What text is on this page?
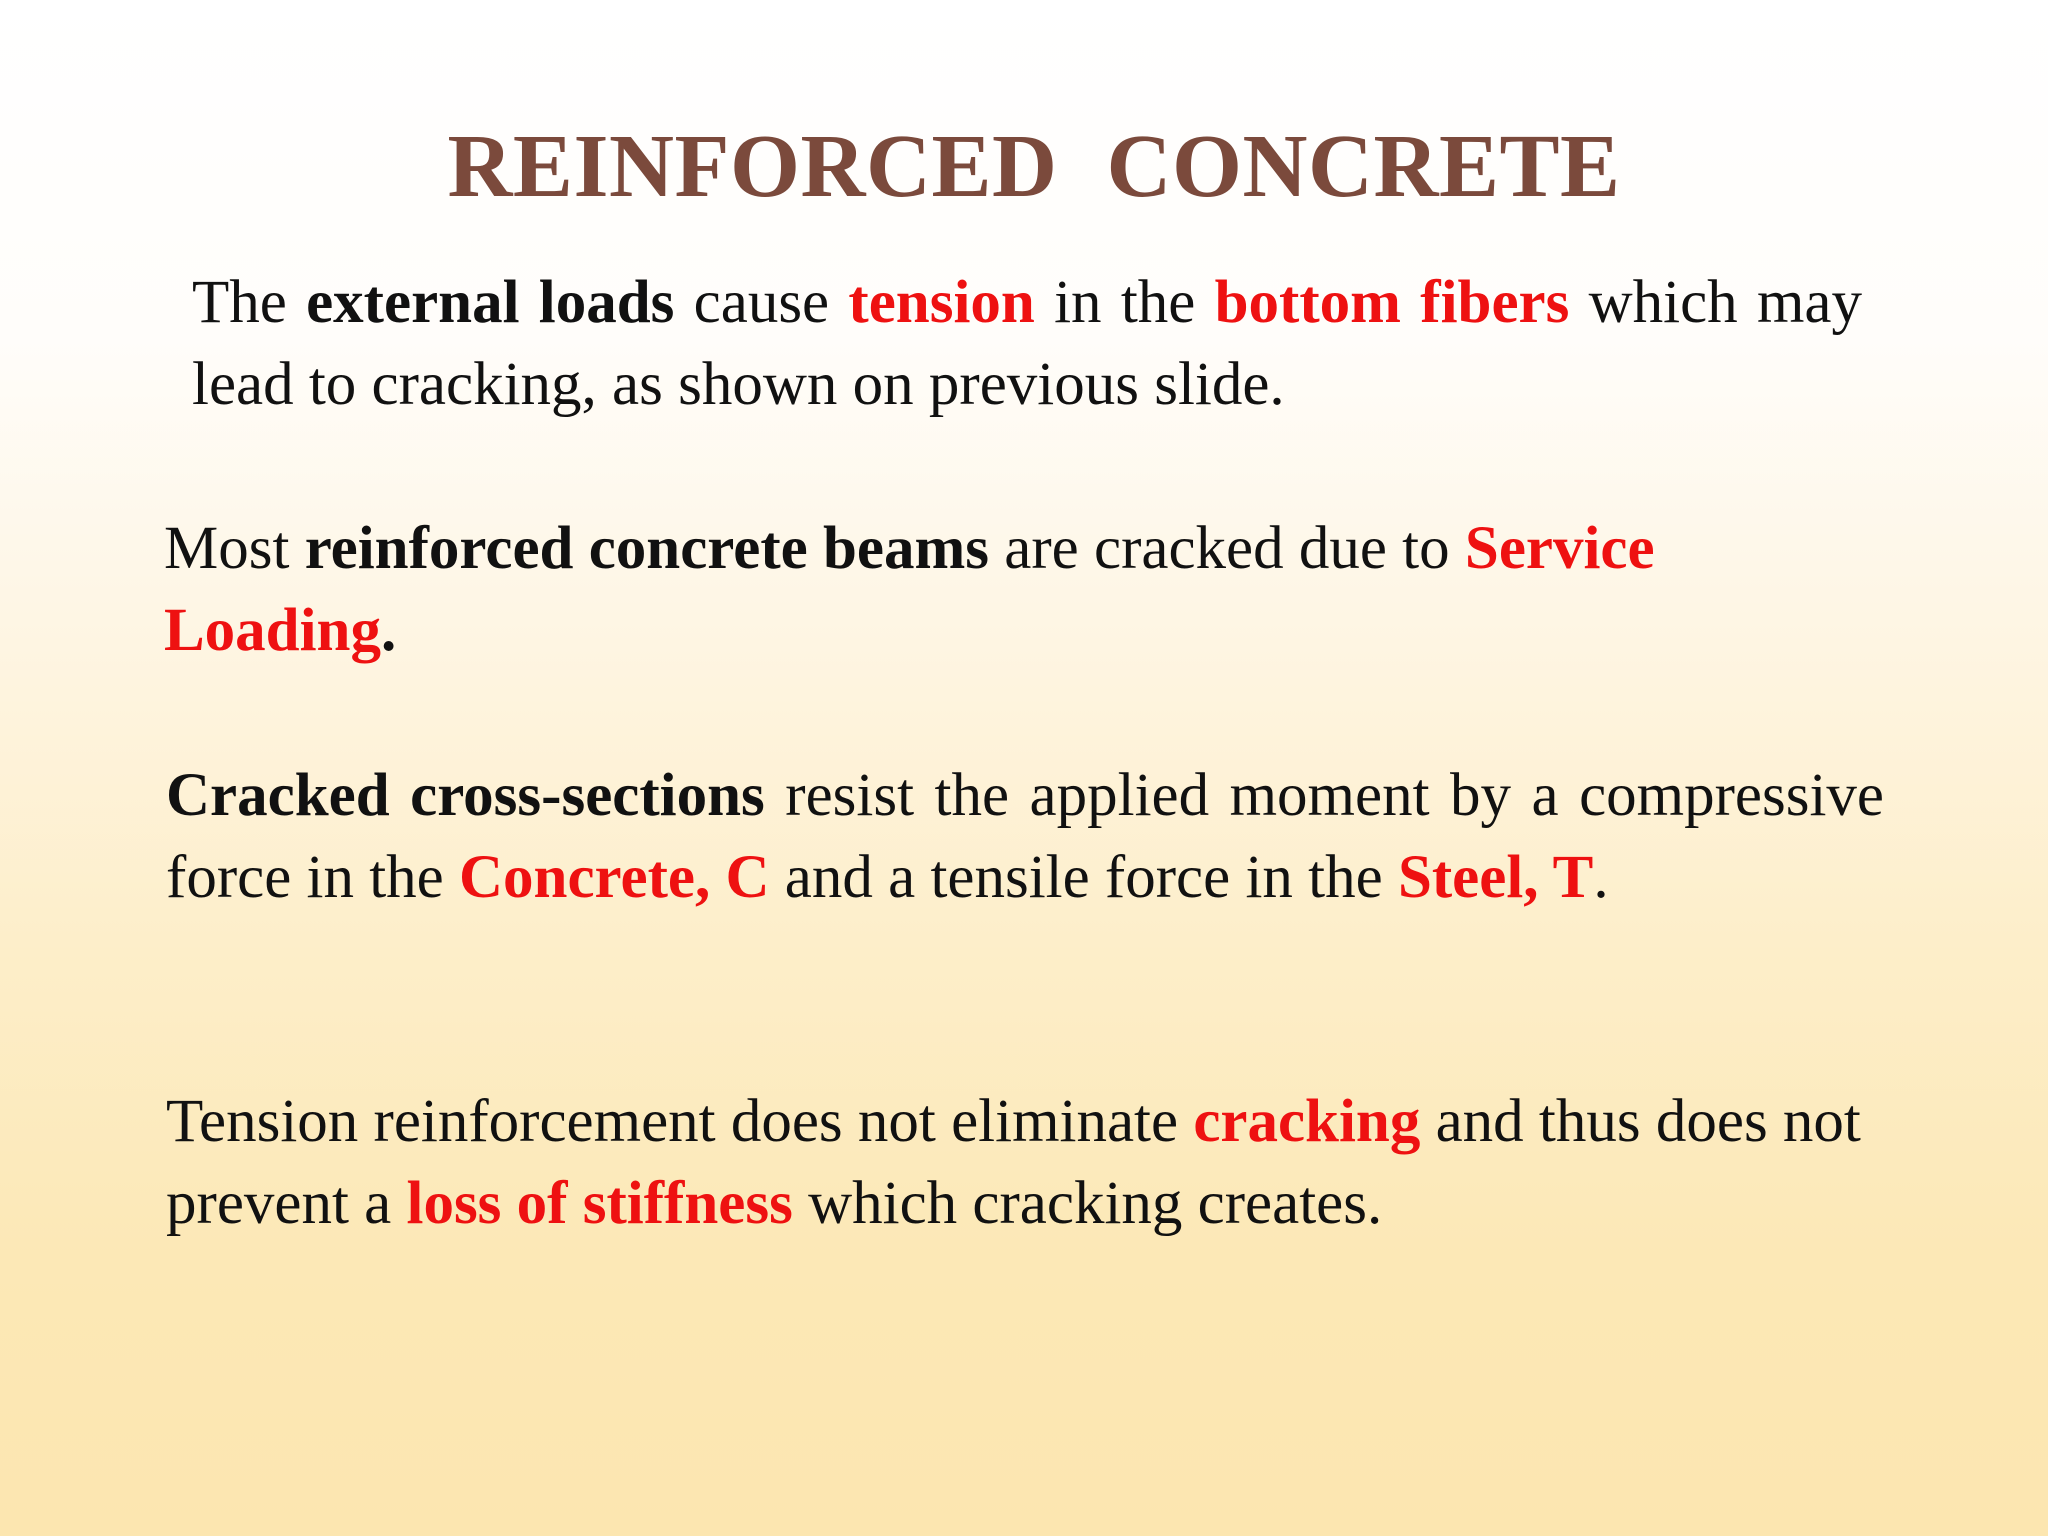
REINFORCED CONCRETE

The external loads cause tension in the bottom fibers which may lead to cracking, as shown on previous slide.

Most reinforced concrete beams are cracked due to Service Loading.

Cracked cross-sections resist the applied moment by a compressive force in the Concrete, C and a tensile force in the Steel, T.

Tension reinforcement does not eliminate cracking and thus does not prevent a loss of stiffness which cracking creates.
